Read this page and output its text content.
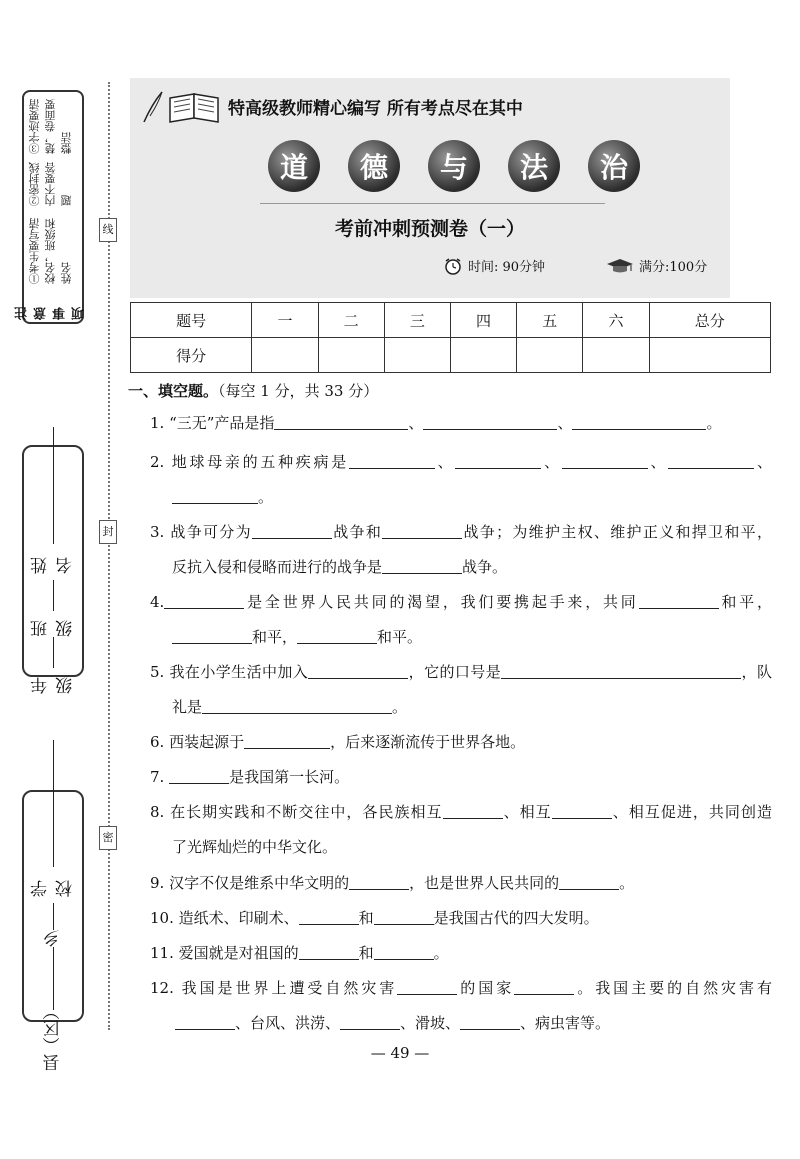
线
封
密
注意事项
①考生要写清校名，班级和姓名
②密封线内不要答题
③字迹要清楚，卷面要整洁
年级
班级
姓名
县（区）
乡
学校
特高级教师精心编写 所有考点尽在其中
道	德	与	法	治
考前冲刺预测卷（一）
时间: 90分钟	满分:100分
题号	一	二	三	四	五	六	总分
得分							
一、填空题。（每空 1 分，共 33 分）
1. “三无”产品是指	、	、	。
2. 地球母亲的五种疾病是	、	、	、	、
。
3. 战争可分为	战争和	战争；为维护主权、维护正义和捍卫和平，
反抗入侵和侵略而进行的战争是	战争。
4.	是全世界人民共同的渴望，我们要携起手来，共同	和平，
和平，	和平。
5. 我在小学生活中加入	，它的口号是	，队
礼是	。
6. 西装起源于	，后来逐渐流传于世界各地。
7.	是我国第一长河。
8. 在长期实践和不断交往中，各民族相互	、相互	、相互促进，共同创造
了光辉灿烂的中华文化。
9. 汉字不仅是维系中华文明的	，也是世界人民共同的	。
10. 造纸术、印刷术、	和	是我国古代的四大发明。
11. 爱国就是对祖国的	和	。
12. 我国是世界上遭受自然灾害	的国家	。我国主要的自然灾害有
、台风、洪涝、	、滑坡、	、病虫害等。
— 49 —
